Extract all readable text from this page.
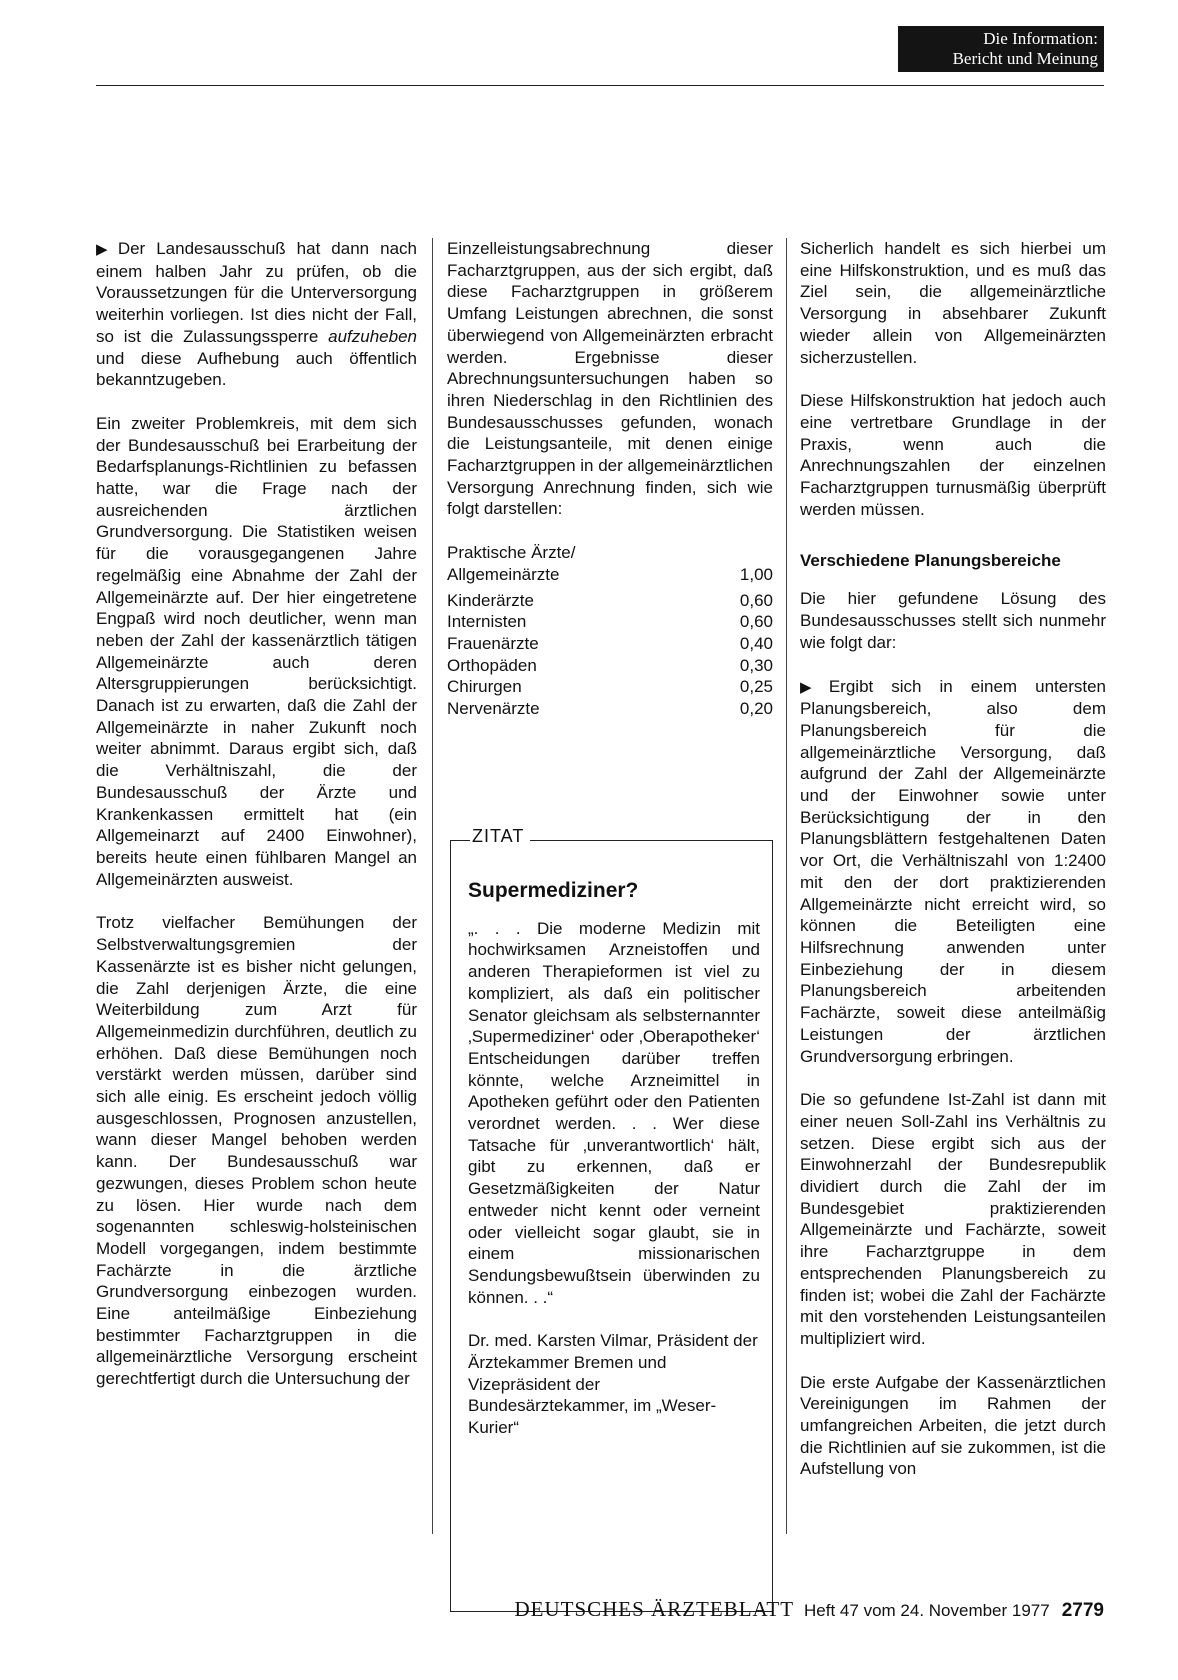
Die Information:
Bericht und Meinung

▶ Der Landesausschuß hat dann nach einem halben Jahr zu prüfen, ob die Voraussetzungen für die Unterversorgung weiterhin vorliegen. Ist dies nicht der Fall, so ist die Zulassungssperre aufzuheben und diese Aufhebung auch öffentlich bekanntzugeben.

Ein zweiter Problemkreis, mit dem sich der Bundesausschuß bei Erarbeitung der Bedarfsplanungs-Richtlinien zu befassen hatte, war die Frage nach der ausreichenden ärztlichen Grundversorgung. Die Statistiken weisen für die vorausgegangenen Jahre regelmäßig eine Abnahme der Zahl der Allgemeinärzte auf. Der hier eingetretene Engpaß wird noch deutlicher, wenn man neben der Zahl der kassenärztlich tätigen Allgemeinärzte auch deren Altersgruppierungen berücksichtigt. Danach ist zu erwarten, daß die Zahl der Allgemeinärzte in naher Zukunft noch weiter abnimmt. Daraus ergibt sich, daß die Verhältniszahl, die der Bundesausschuß der Ärzte und Krankenkassen ermittelt hat (ein Allgemeinarzt auf 2400 Einwohner), bereits heute einen fühlbaren Mangel an Allgemeinärzten ausweist.

Trotz vielfacher Bemühungen der Selbstverwaltungsgremien der Kassenärzte ist es bisher nicht gelungen, die Zahl derjenigen Ärzte, die eine Weiterbildung zum Arzt für Allgemeinmedizin durchführen, deutlich zu erhöhen. Daß diese Bemühungen noch verstärkt werden müssen, darüber sind sich alle einig. Es erscheint jedoch völlig ausgeschlossen, Prognosen anzustellen, wann dieser Mangel behoben werden kann. Der Bundesausschuß war gezwungen, dieses Problem schon heute zu lösen. Hier wurde nach dem sogenannten schleswig-holsteinischen Modell vorgegangen, indem bestimmte Fachärzte in die ärztliche Grundversorgung einbezogen wurden. Eine anteilmäßige Einbeziehung bestimmter Facharztgruppen in die allgemeinärztliche Versorgung erscheint gerechtfertigt durch die Untersuchung der

Einzelleistungsabrechnung dieser Facharztgruppen, aus der sich ergibt, daß diese Facharztgruppen in größerem Umfang Leistungen abrechnen, die sonst überwiegend von Allgemeinärzten erbracht werden. Ergebnisse dieser Abrechnungsuntersuchungen haben so ihren Niederschlag in den Richtlinien des Bundesausschusses gefunden, wonach die Leistungsanteile, mit denen einige Facharztgruppen in der allgemeinärztlichen Versorgung Anrechnung finden, sich wie folgt darstellen:

Praktische Ärzte/
Allgemeinärzte	1,00
Kinderärzte	0,60
Internisten	0,60
Frauenärzte	0,40
Orthopäden	0,30
Chirurgen	0,25
Nervenärzte	0,20
ZITAT
Supermediziner?

„. . . Die moderne Medizin mit hochwirksamen Arzneistoffen und anderen Therapieformen ist viel zu kompliziert, als daß ein politischer Senator gleichsam als selbsternannter ‚Supermediziner‘ oder ‚Oberapotheker‘ Entscheidungen darüber treffen könnte, welche Arzneimittel in Apotheken geführt oder den Patienten verordnet werden. . . Wer diese Tatsache für ‚unverantwortlich‘ hält, gibt zu erkennen, daß er Gesetzmäßigkeiten der Natur entweder nicht kennt oder verneint oder vielleicht sogar glaubt, sie in einem missionarischen Sendungsbewußtsein überwinden zu können. . .“

Dr. med. Karsten Vilmar, Präsident der Ärztekammer Bremen und Vizepräsident der Bundesärztekammer, im „Weser-Kurier“

Sicherlich handelt es sich hierbei um eine Hilfskonstruktion, und es muß das Ziel sein, die allgemeinärztliche Versorgung in absehbarer Zukunft wieder allein von Allgemeinärzten sicherzustellen.

Diese Hilfskonstruktion hat jedoch auch eine vertretbare Grundlage in der Praxis, wenn auch die Anrechnungszahlen der einzelnen Facharztgruppen turnusmäßig überprüft werden müssen.

Verschiedene Planungsbereiche

Die hier gefundene Lösung des Bundesausschusses stellt sich nunmehr wie folgt dar:

▶ Ergibt sich in einem untersten Planungsbereich, also dem Planungsbereich für die allgemeinärztliche Versorgung, daß aufgrund der Zahl der Allgemeinärzte und der Einwohner sowie unter Berücksichtigung der in den Planungsblättern festgehaltenen Daten vor Ort, die Verhältniszahl von 1:2400 mit den der dort praktizierenden Allgemeinärzte nicht erreicht wird, so können die Beteiligten eine Hilfsrechnung anwenden unter Einbeziehung der in diesem Planungsbereich arbeitenden Fachärzte, soweit diese anteilmäßig Leistungen der ärztlichen Grundversorgung erbringen.

Die so gefundene Ist-Zahl ist dann mit einer neuen Soll-Zahl ins Verhältnis zu setzen. Diese ergibt sich aus der Einwohnerzahl der Bundesrepublik dividiert durch die Zahl der im Bundesgebiet praktizierenden Allgemeinärzte und Fachärzte, soweit ihre Facharztgruppe in dem entsprechenden Planungsbereich zu finden ist; wobei die Zahl der Fachärzte mit den vorstehenden Leistungsanteilen multipliziert wird.

Die erste Aufgabe der Kassenärztlichen Vereinigungen im Rahmen der umfangreichen Arbeiten, die jetzt durch die Richtlinien auf sie zukommen, ist die Aufstellung von

DEUTSCHES ÄRZTEBLATT Heft 47 vom 24. November 1977 2779
